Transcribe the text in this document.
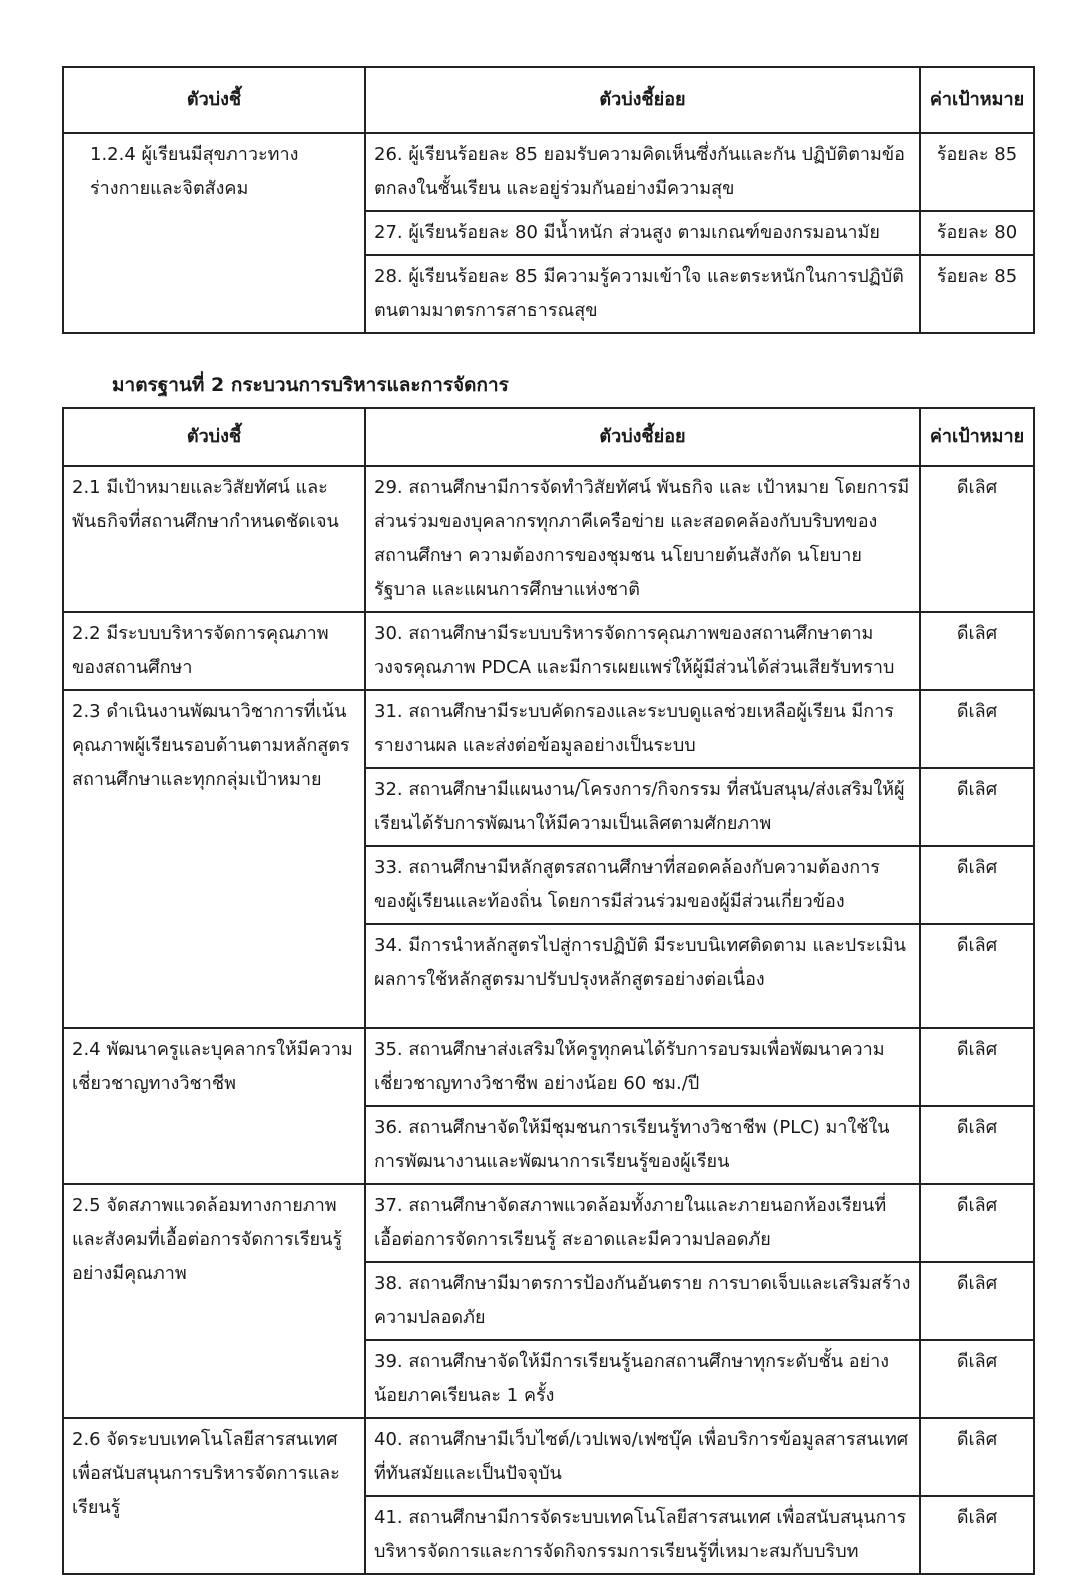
ตัวบ่งชี้	ตัวบ่งชี้ย่อย	ค่าเป้าหมาย
1.2.4 ผู้เรียนมีสุขภาวะทางร่างกายและจิตสังคม	26. ผู้เรียนร้อยละ 85 ยอมรับความคิดเห็นซึ่งกันและกัน ปฏิบัติตามข้อตกลงในชั้นเรียน และอยู่ร่วมกันอย่างมีความสุข	ร้อยละ 85
	27. ผู้เรียนร้อยละ 80 มีน้ำหนัก ส่วนสูง ตามเกณฑ์ของกรมอนามัย	ร้อยละ 80
	28. ผู้เรียนร้อยละ 85 มีความรู้ความเข้าใจ และตระหนักในการปฏิบัติตนตามมาตรการสาธารณสุข	ร้อยละ 85
มาตรฐานที่ 2 กระบวนการบริหารและการจัดการ
ตัวบ่งชี้	ตัวบ่งชี้ย่อย	ค่าเป้าหมาย
2.1 มีเป้าหมายและวิสัยทัศน์ และพันธกิจที่สถานศึกษากำหนดชัดเจน	29. สถานศึกษามีการจัดทำวิสัยทัศน์ พันธกิจ และ เป้าหมาย โดยการมีส่วนร่วมของบุคลากรทุกภาคีเครือข่าย และสอดคล้องกับบริบทของสถานศึกษา ความต้องการของชุมชน นโยบายต้นสังกัด นโยบายรัฐบาล และแผนการศึกษาแห่งชาติ	ดีเลิศ
2.2 มีระบบบริหารจัดการคุณภาพของสถานศึกษา	30. สถานศึกษามีระบบบริหารจัดการคุณภาพของสถานศึกษาตามวงจรคุณภาพ PDCA และมีการเผยแพร่ให้ผู้มีส่วนได้ส่วนเสียรับทราบ	ดีเลิศ
2.3 ดำเนินงานพัฒนาวิชาการที่เน้นคุณภาพผู้เรียนรอบด้านตามหลักสูตรสถานศึกษาและทุกกลุ่มเป้าหมาย	31. สถานศึกษามีระบบคัดกรองและระบบดูแลช่วยเหลือผู้เรียน มีการรายงานผล และส่งต่อข้อมูลอย่างเป็นระบบ	ดีเลิศ
	32. สถานศึกษามีแผนงาน/โครงการ/กิจกรรม ที่สนับสนุน/ส่งเสริมให้ผู้เรียนได้รับการพัฒนาให้มีความเป็นเลิศตามศักยภาพ	ดีเลิศ
	33. สถานศึกษามีหลักสูตรสถานศึกษาที่สอดคล้องกับความต้องการของผู้เรียนและท้องถิ่น โดยการมีส่วนร่วมของผู้มีส่วนเกี่ยวข้อง	ดีเลิศ
	34. มีการนำหลักสูตรไปสู่การปฏิบัติ มีระบบนิเทศติดตาม และประเมินผลการใช้หลักสูตรมาปรับปรุงหลักสูตรอย่างต่อเนื่อง	ดีเลิศ
2.4 พัฒนาครูและบุคลากรให้มีความเชี่ยวชาญทางวิชาชีพ	35. สถานศึกษาส่งเสริมให้ครูทุกคนได้รับการอบรมเพื่อพัฒนาความเชี่ยวชาญทางวิชาชีพ อย่างน้อย 60 ชม./ปี	ดีเลิศ
	36. สถานศึกษาจัดให้มีชุมชนการเรียนรู้ทางวิชาชีพ (PLC) มาใช้ในการพัฒนางานและพัฒนาการเรียนรู้ของผู้เรียน	ดีเลิศ
2.5 จัดสภาพแวดล้อมทางกายภาพและสังคมที่เอื้อต่อการจัดการเรียนรู้อย่างมีคุณภาพ	37. สถานศึกษาจัดสภาพแวดล้อมทั้งภายในและภายนอกห้องเรียนที่เอื้อต่อการจัดการเรียนรู้ สะอาดและมีความปลอดภัย	ดีเลิศ
	38. สถานศึกษามีมาตรการป้องกันอันตราย การบาดเจ็บและเสริมสร้างความปลอดภัย	ดีเลิศ
	39. สถานศึกษาจัดให้มีการเรียนรู้นอกสถานศึกษาทุกระดับชั้น อย่างน้อยภาคเรียนละ 1 ครั้ง	ดีเลิศ
2.6 จัดระบบเทคโนโลยีสารสนเทศเพื่อสนับสนุนการบริหารจัดการและเรียนรู้	40. สถานศึกษามีเว็บไซต์/เวปเพจ/เฟซบุ๊ค เพื่อบริการข้อมูลสารสนเทศที่ทันสมัยและเป็นปัจจุบัน	ดีเลิศ
	41. สถานศึกษามีการจัดระบบเทคโนโลยีสารสนเทศ เพื่อสนับสนุนการบริหารจัดการและการจัดกิจกรรมการเรียนรู้ที่เหมาะสมกับบริบท	ดีเลิศ
